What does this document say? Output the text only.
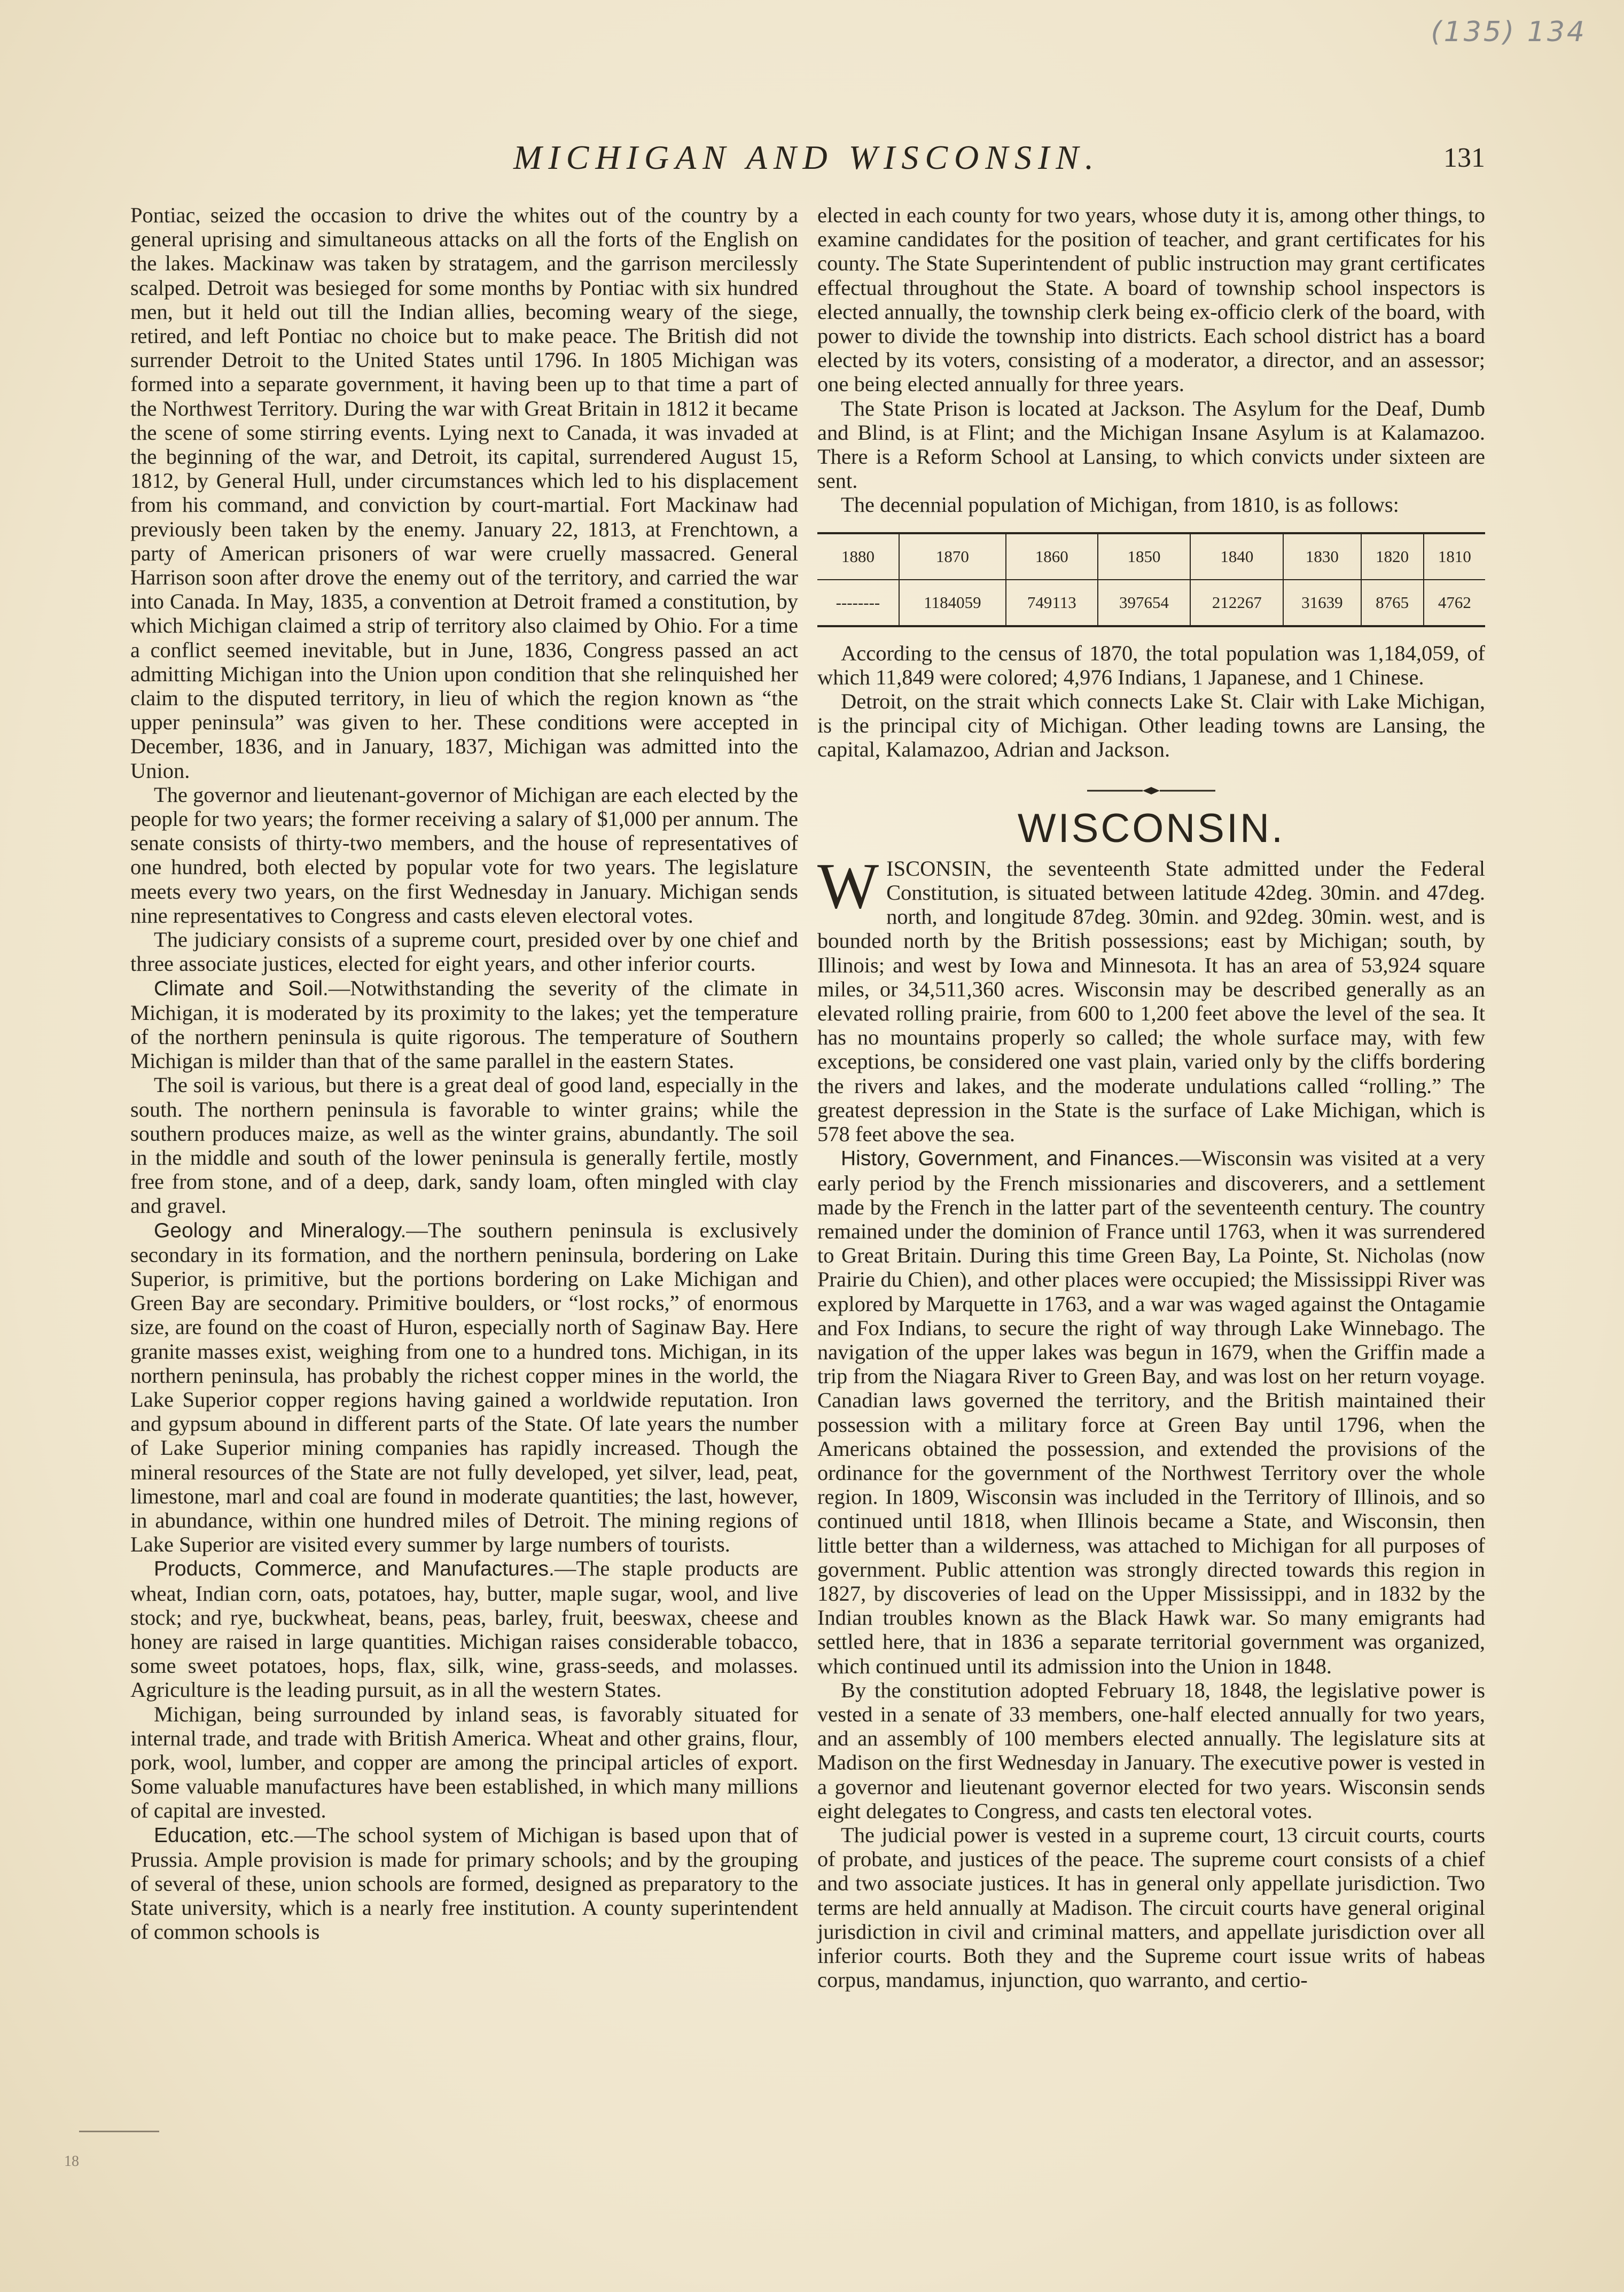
(135) 134
MICHIGAN AND WISCONSIN.	131

Pontiac, seized the occasion to drive the whites out of the country by a general uprising and simultaneous attacks on all the forts of the English on the lakes. Mackinaw was taken by stratagem, and the garrison mercilessly scalped. Detroit was besieged for some months by Pontiac with six hundred men, but it held out till the Indian allies, becoming weary of the siege, retired, and left Pontiac no choice but to make peace. The British did not surrender Detroit to the United States until 1796. In 1805 Michigan was formed into a separate government, it having been up to that time a part of the Northwest Territory. During the war with Great Britain in 1812 it became the scene of some stirring events. Lying next to Canada, it was invaded at the beginning of the war, and Detroit, its capital, surrendered August 15, 1812, by General Hull, under circumstances which led to his displacement from his command, and conviction by court-martial. Fort Mackinaw had previously been taken by the enemy. January 22, 1813, at Frenchtown, a party of American prisoners of war were cruelly massacred. General Harrison soon after drove the enemy out of the territory, and carried the war into Canada. In May, 1835, a convention at Detroit framed a constitution, by which Michigan claimed a strip of territory also claimed by Ohio. For a time a conflict seemed inevitable, but in June, 1836, Congress passed an act admitting Michigan into the Union upon condition that she relinquished her claim to the disputed territory, in lieu of which the region known as “the upper peninsula” was given to her. These conditions were accepted in December, 1836, and in January, 1837, Michigan was admitted into the Union.

The governor and lieutenant-governor of Michigan are each elected by the people for two years; the former receiving a salary of $1,000 per annum. The senate consists of thirty-two members, and the house of representatives of one hundred, both elected by popular vote for two years. The legislature meets every two years, on the first Wednesday in January. Michigan sends nine representatives to Congress and casts eleven electoral votes.

The judiciary consists of a supreme court, presided over by one chief and three associate justices, elected for eight years, and other inferior courts.

Climate and Soil.—Notwithstanding the severity of the climate in Michigan, it is moderated by its proximity to the lakes; yet the temperature of the northern peninsula is quite rigorous. The temperature of Southern Michigan is milder than that of the same parallel in the eastern States.

The soil is various, but there is a great deal of good land, especially in the south. The northern peninsula is favorable to winter grains; while the southern produces maize, as well as the winter grains, abundantly. The soil in the middle and south of the lower peninsula is generally fertile, mostly free from stone, and of a deep, dark, sandy loam, often mingled with clay and gravel.

Geology and Mineralogy.—The southern peninsula is exclusively secondary in its formation, and the northern peninsula, bordering on Lake Superior, is primitive, but the portions bordering on Lake Michigan and Green Bay are secondary. Primitive boulders, or “lost rocks,” of enormous size, are found on the coast of Huron, especially north of Saginaw Bay. Here granite masses exist, weighing from one to a hundred tons. Michigan, in its northern peninsula, has probably the richest copper mines in the world, the Lake Superior copper regions having gained a worldwide reputation. Iron and gypsum abound in different parts of the State. Of late years the number of Lake Superior mining companies has rapidly increased. Though the mineral resources of the State are not fully developed, yet silver, lead, peat, limestone, marl and coal are found in moderate quantities; the last, however, in abundance, within one hundred miles of Detroit. The mining regions of Lake Superior are visited every summer by large numbers of tourists.

Products, Commerce, and Manufactures.—The staple products are wheat, Indian corn, oats, potatoes, hay, butter, maple sugar, wool, and live stock; and rye, buckwheat, beans, peas, barley, fruit, beeswax, cheese and honey are raised in large quantities. Michigan raises considerable tobacco, some sweet potatoes, hops, flax, silk, wine, grass-seeds, and molasses. Agriculture is the leading pursuit, as in all the western States.

Michigan, being surrounded by inland seas, is favorably situated for internal trade, and trade with British America. Wheat and other grains, flour, pork, wool, lumber, and copper are among the principal articles of export. Some valuable manufactures have been established, in which many millions of capital are invested.

Education, etc.—The school system of Michigan is based upon that of Prussia. Ample provision is made for primary schools; and by the grouping of several of these, union schools are formed, designed as preparatory to the State university, which is a nearly free institution. A county superintendent of common schools is

elected in each county for two years, whose duty it is, among other things, to examine candidates for the position of teacher, and grant certificates for his county. The State Superintendent of public instruction may grant certificates effectual throughout the State. A board of township school inspectors is elected annually, the township clerk being ex-officio clerk of the board, with power to divide the township into districts. Each school district has a board elected by its voters, consisting of a moderator, a director, and an assessor; one being elected annually for three years.

The State Prison is located at Jackson. The Asylum for the Deaf, Dumb and Blind, is at Flint; and the Michigan Insane Asylum is at Kalamazoo. There is a Reform School at Lansing, to which convicts under sixteen are sent.

The decennial population of Michigan, from 1810, is as follows:

1880	1870	1860	1850	1840	1830	1820	1810
--------	1184059	749113	397654	212267	31639	8765	4762

According to the census of 1870, the total population was 1,184,059, of which 11,849 were colored; 4,976 Indians, 1 Japanese, and 1 Chinese.

Detroit, on the strait which connects Lake St. Clair with Lake Michigan, is the principal city of Michigan. Other leading towns are Lansing, the capital, Kalamazoo, Adrian and Jackson.

WISCONSIN.

WISCONSIN, the seventeenth State admitted under the Federal Constitution, is situated between latitude 42deg. 30min. and 47deg. north, and longitude 87deg. 30min. and 92deg. 30min. west, and is bounded north by the British possessions; east by Michigan; south, by Illinois; and west by Iowa and Minnesota. It has an area of 53,924 square miles, or 34,511,360 acres. Wisconsin may be described generally as an elevated rolling prairie, from 600 to 1,200 feet above the level of the sea. It has no mountains properly so called; the whole surface may, with few exceptions, be considered one vast plain, varied only by the cliffs bordering the rivers and lakes, and the moderate undulations called “rolling.” The greatest depression in the State is the surface of Lake Michigan, which is 578 feet above the sea.

History, Government, and Finances.—Wisconsin was visited at a very early period by the French missionaries and discoverers, and a settlement made by the French in the latter part of the seventeenth century. The country remained under the dominion of France until 1763, when it was surrendered to Great Britain. During this time Green Bay, La Pointe, St. Nicholas (now Prairie du Chien), and other places were occupied; the Mississippi River was explored by Marquette in 1763, and a war was waged against the Ontagamie and Fox Indians, to secure the right of way through Lake Winnebago. The navigation of the upper lakes was begun in 1679, when the Griffin made a trip from the Niagara River to Green Bay, and was lost on her return voyage. Canadian laws governed the territory, and the British maintained their possession with a military force at Green Bay until 1796, when the Americans obtained the possession, and extended the provisions of the ordinance for the government of the Northwest Territory over the whole region. In 1809, Wisconsin was included in the Territory of Illinois, and so continued until 1818, when Illinois became a State, and Wisconsin, then little better than a wilderness, was attached to Michigan for all purposes of government. Public attention was strongly directed towards this region in 1827, by discoveries of lead on the Upper Mississippi, and in 1832 by the Indian troubles known as the Black Hawk war. So many emigrants had settled here, that in 1836 a separate territorial government was organized, which continued until its admission into the Union in 1848.

By the constitution adopted February 18, 1848, the legislative power is vested in a senate of 33 members, one-half elected annually for two years, and an assembly of 100 members elected annually. The legislature sits at Madison on the first Wednesday in January. The executive power is vested in a governor and lieutenant governor elected for two years. Wisconsin sends eight delegates to Congress, and casts ten electoral votes.

The judicial power is vested in a supreme court, 13 circuit courts, courts of probate, and justices of the peace. The supreme court consists of a chief and two associate justices. It has in general only appellate jurisdiction. Two terms are held annually at Madison. The circuit courts have general original jurisdiction in civil and criminal matters, and appellate jurisdiction over all inferior courts. Both they and the Supreme court issue writs of habeas corpus, mandamus, injunction, quo warranto, and certio-

18
